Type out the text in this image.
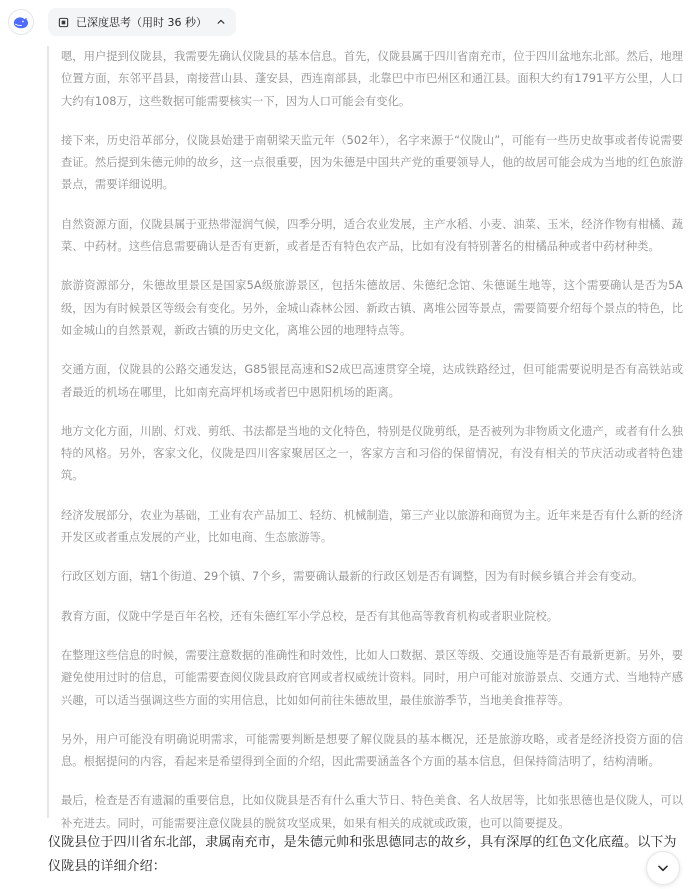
已深度思考（用时 36 秒）

嗯，用户提到仪陇县，我需要先确认仪陇县的基本信息。首先，仪陇县属于四川省南充市，位于四川盆地东北部。然后，地理位置方面，东邻平昌县，南接营山县、蓬安县，西连南部县，北靠巴中市巴州区和通江县。面积大约有1791平方公里，人口大约有108万，这些数据可能需要核实一下，因为人口可能会有变化。

接下来，历史沿革部分，仪陇县始建于南朝梁天监元年（502年），名字来源于“仪陇山”，可能有一些历史故事或者传说需要查证。然后提到朱德元帅的故乡，这一点很重要，因为朱德是中国共产党的重要领导人，他的故居可能会成为当地的红色旅游景点，需要详细说明。

自然资源方面，仪陇县属于亚热带湿润气候，四季分明，适合农业发展，主产水稻、小麦、油菜、玉米，经济作物有柑橘、蔬菜、中药材。这些信息需要确认是否有更新，或者是否有特色农产品，比如有没有特别著名的柑橘品种或者中药材种类。

旅游资源部分，朱德故里景区是国家5A级旅游景区，包括朱德故居、朱德纪念馆、朱德诞生地等，这个需要确认是否为5A级，因为有时候景区等级会有变化。另外，金城山森林公园、新政古镇、离堆公园等景点，需要简要介绍每个景点的特色，比如金城山的自然景观，新政古镇的历史文化，离堆公园的地理特点等。

交通方面，仪陇县的公路交通发达，G85银昆高速和S2成巴高速贯穿全境，达成铁路经过，但可能需要说明是否有高铁站或者最近的机场在哪里，比如南充高坪机场或者巴中恩阳机场的距离。

地方文化方面，川剧、灯戏、剪纸、书法都是当地的文化特色，特别是仪陇剪纸，是否被列为非物质文化遗产，或者有什么独特的风格。另外，客家文化，仪陇是四川客家聚居区之一，客家方言和习俗的保留情况，有没有相关的节庆活动或者特色建筑。

经济发展部分，农业为基础，工业有农产品加工、轻纺、机械制造，第三产业以旅游和商贸为主。近年来是否有什么新的经济开发区或者重点发展的产业，比如电商、生态旅游等。

行政区划方面，辖1个街道、29个镇、7个乡，需要确认最新的行政区划是否有调整，因为有时候乡镇合并会有变动。

教育方面，仪陇中学是百年名校，还有朱德红军小学总校，是否有其他高等教育机构或者职业院校。

在整理这些信息的时候，需要注意数据的准确性和时效性，比如人口数据、景区等级、交通设施等是否有最新更新。另外，要避免使用过时的信息，可能需要查阅仪陇县政府官网或者权威统计资料。同时，用户可能对旅游景点、交通方式、当地特产感兴趣，可以适当强调这些方面的实用信息，比如如何前往朱德故里，最佳旅游季节，当地美食推荐等。

另外，用户可能没有明确说明需求，可能需要判断是想要了解仪陇县的基本概况，还是旅游攻略，或者是经济投资方面的信息。根据提问的内容，看起来是希望得到全面的介绍，因此需要涵盖各个方面的基本信息，但保持简洁明了，结构清晰。

最后，检查是否有遗漏的重要信息，比如仪陇县是否有什么重大节日、特色美食、名人故居等，比如张思德也是仪陇人，可以补充进去。同时，可能需要注意仪陇县的脱贫攻坚成果，如果有相关的成就或政策，也可以简要提及。

仪陇县位于四川省东北部，隶属南充市，是朱德元帅和张思德同志的故乡，具有深厚的红色文化底蕴。以下为仪陇县的详细介绍：
